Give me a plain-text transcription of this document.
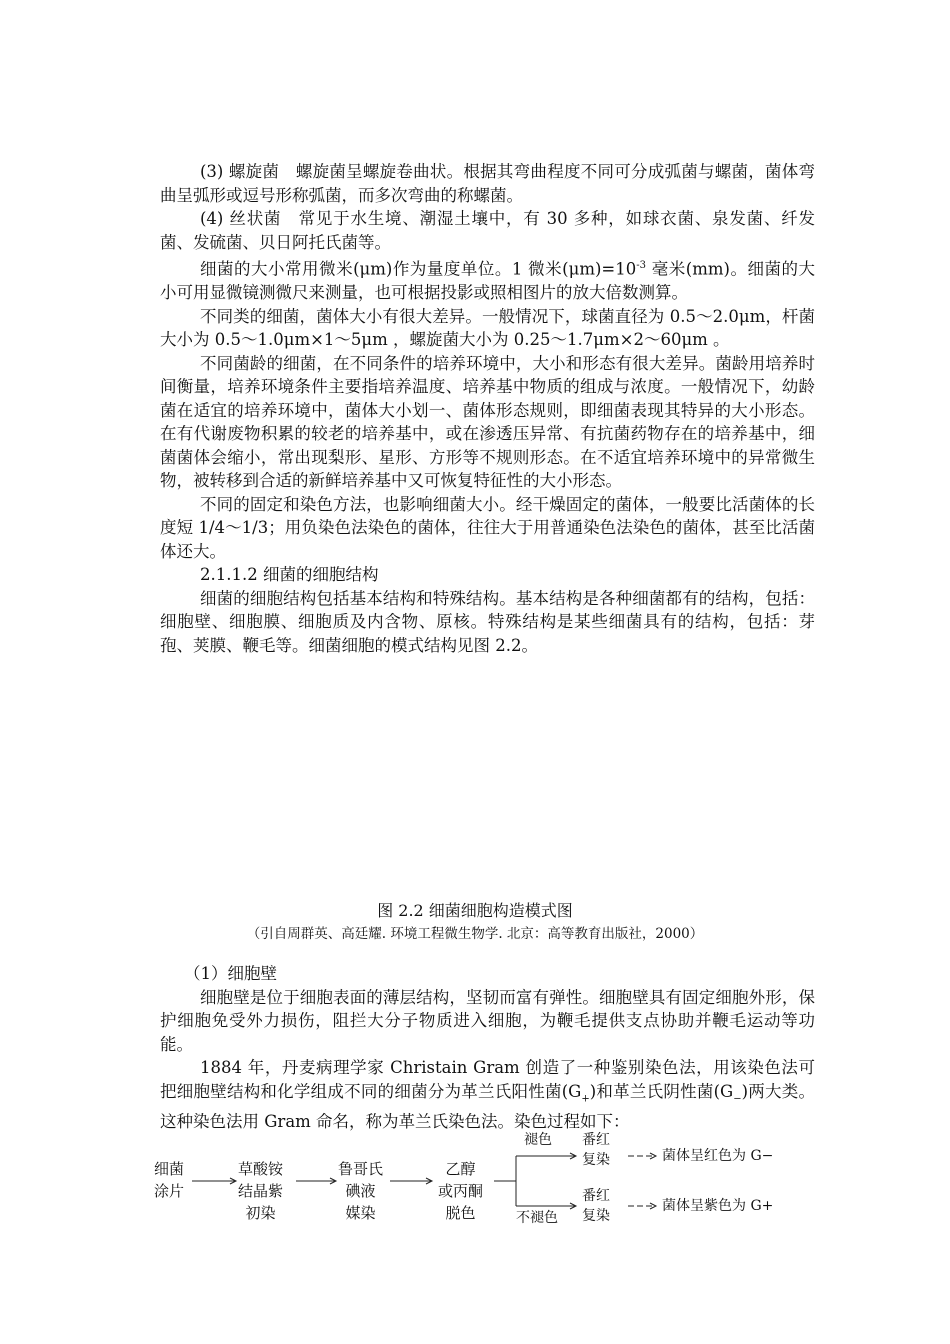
(3) 螺旋菌　螺旋菌呈螺旋卷曲状。根据其弯曲程度不同可分成弧菌与螺菌，菌体弯曲呈弧形或逗号形称弧菌，而多次弯曲的称螺菌。

(4) 丝状菌　常见于水生境、潮湿土壤中，有 30 多种，如球衣菌、泉发菌、纤发菌、发硫菌、贝日阿托氏菌等。

细菌的大小常用微米(μm)作为量度单位。1 微米$(\mu m)=10^{-3}$ 毫米(mm)。细菌的大小可用显微镜测微尺来测量，也可根据投影或照相图片的放大倍数测算。

不同类的细菌，菌体大小有很大差异。一般情况下，球菌直径为 0.5～2.0μm，杆菌大小为 0.5～1.0μm×1～5μm ，螺旋菌大小为 0.25～1.7μm×2～60μm 。

不同菌龄的细菌，在不同条件的培养环境中，大小和形态有很大差异。菌龄用培养时间衡量，培养环境条件主要指培养温度、培养基中物质的组成与浓度。一般情况下，幼龄菌在适宜的培养环境中，菌体大小划一、菌体形态规则，即细菌表现其特异的大小形态。在有代谢废物积累的较老的培养基中，或在渗透压异常、有抗菌药物存在的培养基中，细菌菌体会缩小，常出现梨形、星形、方形等不规则形态。在不适宜培养环境中的异常微生物，被转移到合适的新鲜培养基中又可恢复特征性的大小形态。

不同的固定和染色方法，也影响细菌大小。经干燥固定的菌体，一般要比活菌体的长度短 1/4～1/3；用负染色法染色的菌体，往往大于用普通染色法染色的菌体，甚至比活菌体还大。

2.1.1.2 细菌的细胞结构

细菌的细胞结构包括基本结构和特殊结构。基本结构是各种细菌都有的结构，包括：细胞壁、细胞膜、细胞质及内含物、原核。特殊结构是某些细菌具有的结构，包括：芽孢、荚膜、鞭毛等。细菌细胞的模式结构见图 2.2。

图 2.2 细菌细胞构造模式图
（引自周群英、高廷耀. 环境工程微生物学. 北京：高等教育出版社，2000）

（1）细胞壁

细胞壁是位于细胞表面的薄层结构，坚韧而富有弹性。细胞壁具有固定细胞外形，保护细胞免受外力损伤，阻拦大分子物质进入细胞，为鞭毛提供支点协助并鞭毛运动等功能。

1884 年，丹麦病理学家 Christain Gram 创造了一种鉴别染色法，用该染色法可把细胞壁结构和化学组成不同的细菌分为革兰氏阳性菌$(G_+)$和革兰氏阴性菌$(G_-)$两大类。这种染色法用 Gram 命名，称为革兰氏染色法。染色过程如下：

细菌
涂片
草酸铵
结晶紫
初染
鲁哥氏
碘液
媒染
乙醇
或丙酮
脱色
褪色
不褪色
番红
复染
番红
复染
菌体呈红色为 G−
菌体呈紫色为 G+
